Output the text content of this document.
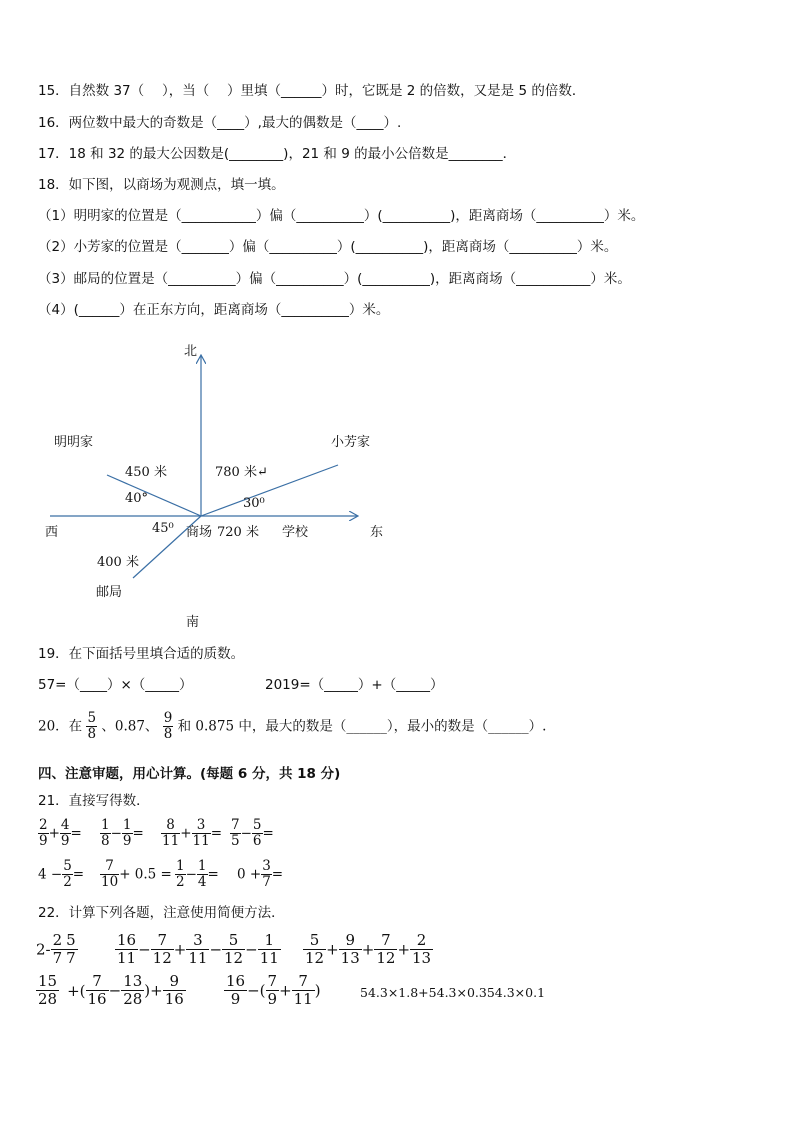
15．自然数 37（　 ），当（　 ）里填（______）时，它既是 2 的倍数，又是是 5 的倍数．
16．两位数中最大的奇数是（____）,最大的偶数是（____）.
17．18 和 32 的最大公因数是(________)，21 和 9 的最小公倍数是________．
18．如下图，以商场为观测点，填一填。
（1）明明家的位置是（___________）偏（__________）(__________)，距离商场（__________）米。
（2）小芳家的位置是（_______）偏（__________）(__________)，距离商场（__________）米。
（3）邮局的位置是（__________）偏（__________）(__________)，距离商场（___________）米。
（4）(______）在正东方向，距离商场（__________）米。
北
南
西	东
商场
明明家	小芳家
邮局
学校
450 米	780 米↵
720 米
400 米
40°	30⁰
45⁰
19．在下面括号里填合适的质数。
57=（____）×（_____）	2019=（_____）+（_____）
20．在 $\frac{5}{8}$ 、0.87、 $\frac{9}{8}$ 和 0.875 中，最大的数是（______），最小的数是（______）.
四、注意审题，用心计算。(每题 6 分，共 18 分)
21．直接写得数．
$\frac{2}{9} + \frac{4}{9} = \frac{1}{8} - \frac{1}{9} = \frac{8}{11} + \frac{3}{11} = \frac{7}{5} - \frac{5}{6}$ =
$4 - \frac{5}{2} = \frac{7}{10} + 0.5 = \frac{1}{2} - \frac{1}{4} = 0 + \frac{3}{7}$ =
22．计算下列各题，注意使用简便方法．
$2- \frac{2}{7} \frac{5}{7} \frac{16}{11} - \frac{7}{12} + \frac{3}{11} - \frac{5}{12} - \frac{1}{11} \frac{5}{12} + \frac{9}{13} + \frac{7}{12} + \frac{2}{13}$
$\frac{15}{28}$ +( $\frac{7}{16} - \frac{13}{28}$ )+ $\frac{9}{16}$	$\frac{16}{9}$ −( $\frac{7}{9} + \frac{7}{11}$ )	54.3×1.8+54.3×0.354.3×0.1
